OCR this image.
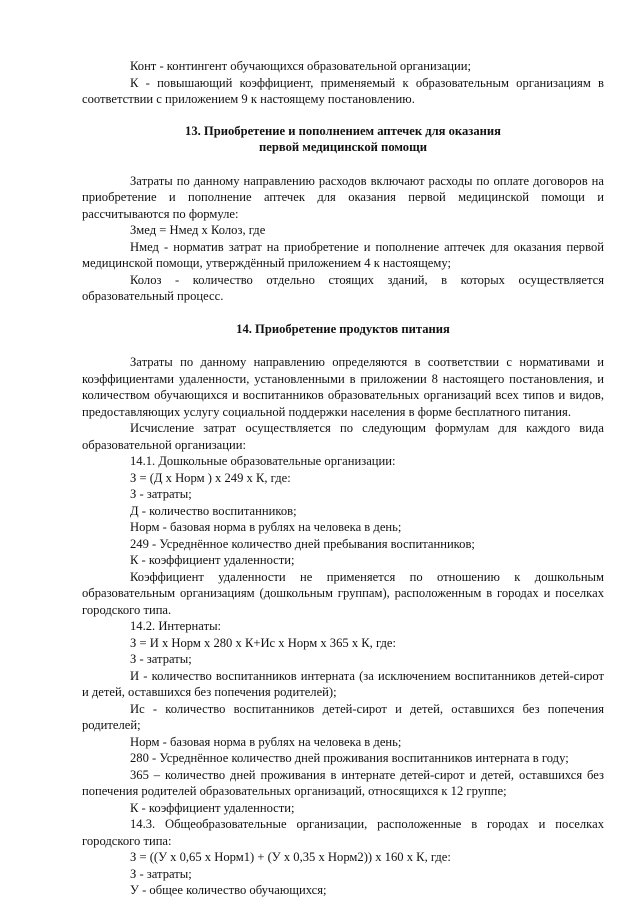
Конт - контингент обучающихся образовательной организации;

К - повышающий коэффициент, применяемый к образовательным организациям в соответствии с приложением 9 к настоящему постановлению.

13. Приобретение и пополнением аптечек для оказания
первой медицинской помощи

Затраты по данному направлению расходов включают расходы по оплате договоров на приобретение и пополнение аптечек для оказания первой медицинской помощи и рассчитываются по формуле:

Змед = Нмед х Колоз, где

Нмед - норматив затрат на приобретение и пополнение аптечек для оказания первой медицинской помощи, утверждённый приложением 4 к настоящему;

Колоз - количество отдельно стоящих зданий, в которых осуществляется образовательный процесс.

14. Приобретение продуктов питания

Затраты по данному направлению определяются в соответствии с нормативами и коэффициентами удаленности, установленными в приложении 8 настоящего постановления, и количеством обучающихся и воспитанников образовательных организаций всех типов и видов, предоставляющих услугу социальной поддержки населения в форме бесплатного питания.

Исчисление затрат осуществляется по следующим формулам для каждого вида образовательной организации:

14.1. Дошкольные образовательные организации:

З = (Д х Норм ) х 249 х К, где:

З - затраты;

Д - количество воспитанников;

Норм - базовая норма в рублях на человека в день;

249 - Усреднённое количество дней пребывания воспитанников;

К - коэффициент удаленности;

Коэффициент удаленности не применяется по отношению к дошкольным образовательным организациям (дошкольным группам), расположенным в городах и поселках городского типа.

14.2. Интернаты:

З = И х Норм х 280 х К+Ис х Норм х 365 х К, где:

З - затраты;

И - количество воспитанников интерната (за исключением воспитанников детей-сирот и детей, оставшихся без попечения родителей);

Ис - количество воспитанников детей-сирот и детей, оставшихся без попечения родителей;

Норм - базовая норма в рублях на человека в день;

280 - Усреднённое количество дней проживания воспитанников интерната в году;

365 – количество дней проживания в интернате детей-сирот и детей, оставшихся без попечения родителей образовательных организаций, относящихся к 12 группе;

К - коэффициент удаленности;

14.3. Общеобразовательные организации, расположенные в городах и поселках городского типа:

З = ((У х 0,65 х Норм1) + (У х 0,35 х Норм2)) х 160 х К, где:

З - затраты;

У - общее количество обучающихся;
